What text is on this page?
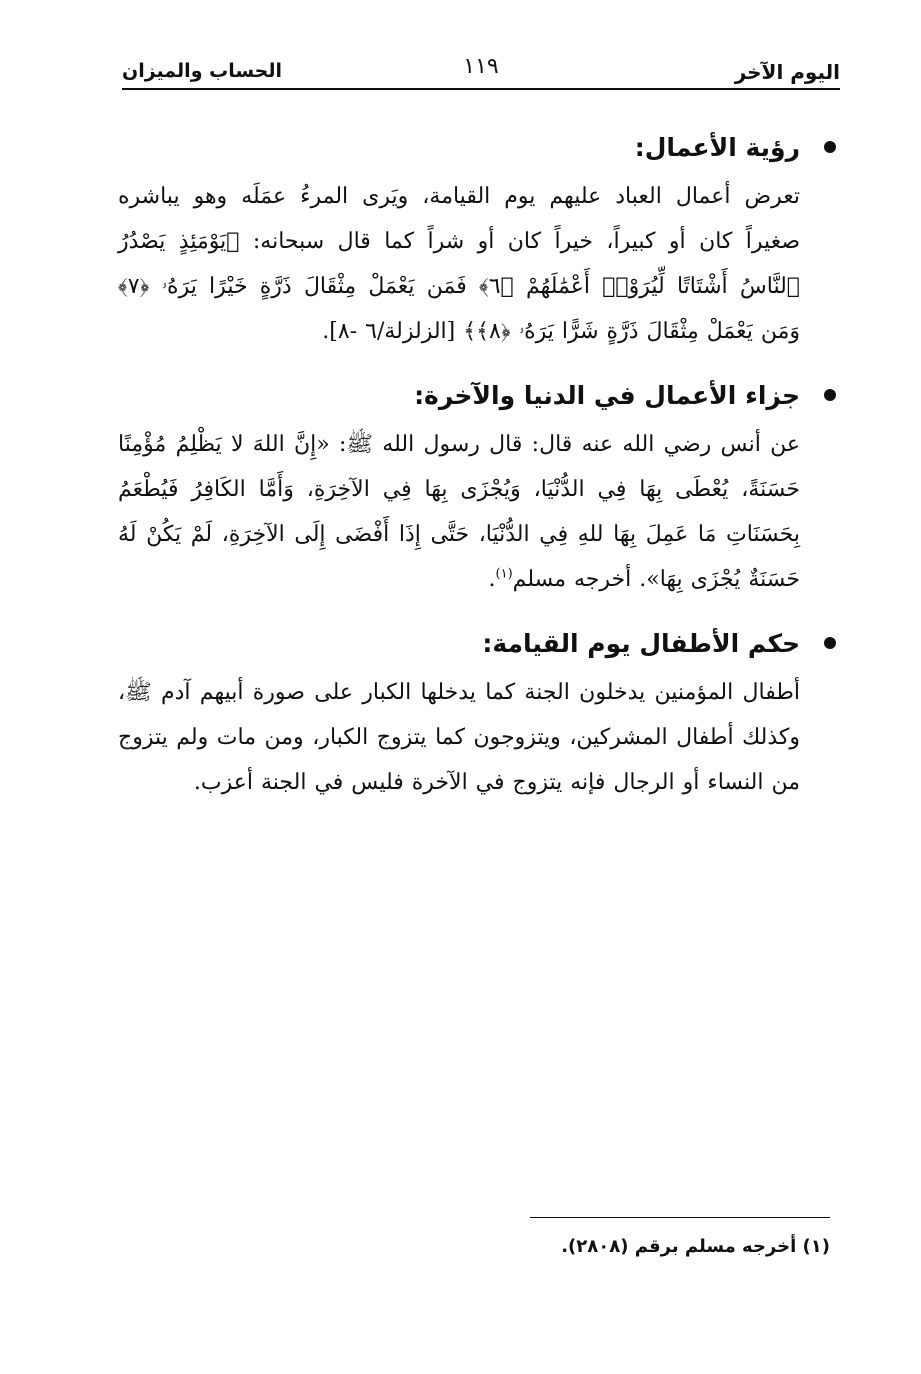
اليوم الآخر
١١٩
الحساب والميزان
رؤية الأعمال:

تعرض أعمال العباد عليهم يوم القيامة، ويَرى المرءُ عمَلَه وهو يباشره صغيراً كان أو كبيراً، خيراً كان أو شراً كما قال سبحانه: ﴿يَوْمَئِذٍ يَصْدُرُ ٱلنَّاسُ أَشْتَاتًا لِّيُرَوْا۟ أَعْمَٰلَهُمْ ﴿٦﴾ فَمَن يَعْمَلْ مِثْقَالَ ذَرَّةٍ خَيْرًا يَرَهُۥ ﴿٧﴾ وَمَن يَعْمَلْ مِثْقَالَ ذَرَّةٍ شَرًّا يَرَهُۥ ﴿٨﴾﴾ [الزلزلة/٦ -٨].

جزاء الأعمال في الدنيا والآخرة:

عن أنس رضي الله عنه قال: قال رسول الله ﷺ: «إِنَّ اللهَ لا يَظْلِمُ مُؤْمِنًا حَسَنَةً، يُعْطَى بِهَا فِي الدُّنْيَا، وَيُجْزَى بِهَا فِي الآخِرَةِ، وَأَمَّا الكَافِرُ فَيُطْعَمُ بِحَسَنَاتِ مَا عَمِلَ بِهَا للهِ فِي الدُّنْيَا، حَتَّى إِذَا أَفْضَى إِلَى الآخِرَةِ، لَمْ يَكُنْ لَهُ حَسَنَةٌ يُجْزَى بِهَا». أخرجه مسلم$^{(١)}$.

حكم الأطفال يوم القيامة:

أطفال المؤمنين يدخلون الجنة كما يدخلها الكبار على صورة أبيهم آدم ﷺ، وكذلك أطفال المشركين، ويتزوجون كما يتزوج الكبار، ومن مات ولم يتزوج من النساء أو الرجال فإنه يتزوج في الآخرة فليس في الجنة أعزب.

(١) أخرجه مسلم برقم (٢٨٠٨).
